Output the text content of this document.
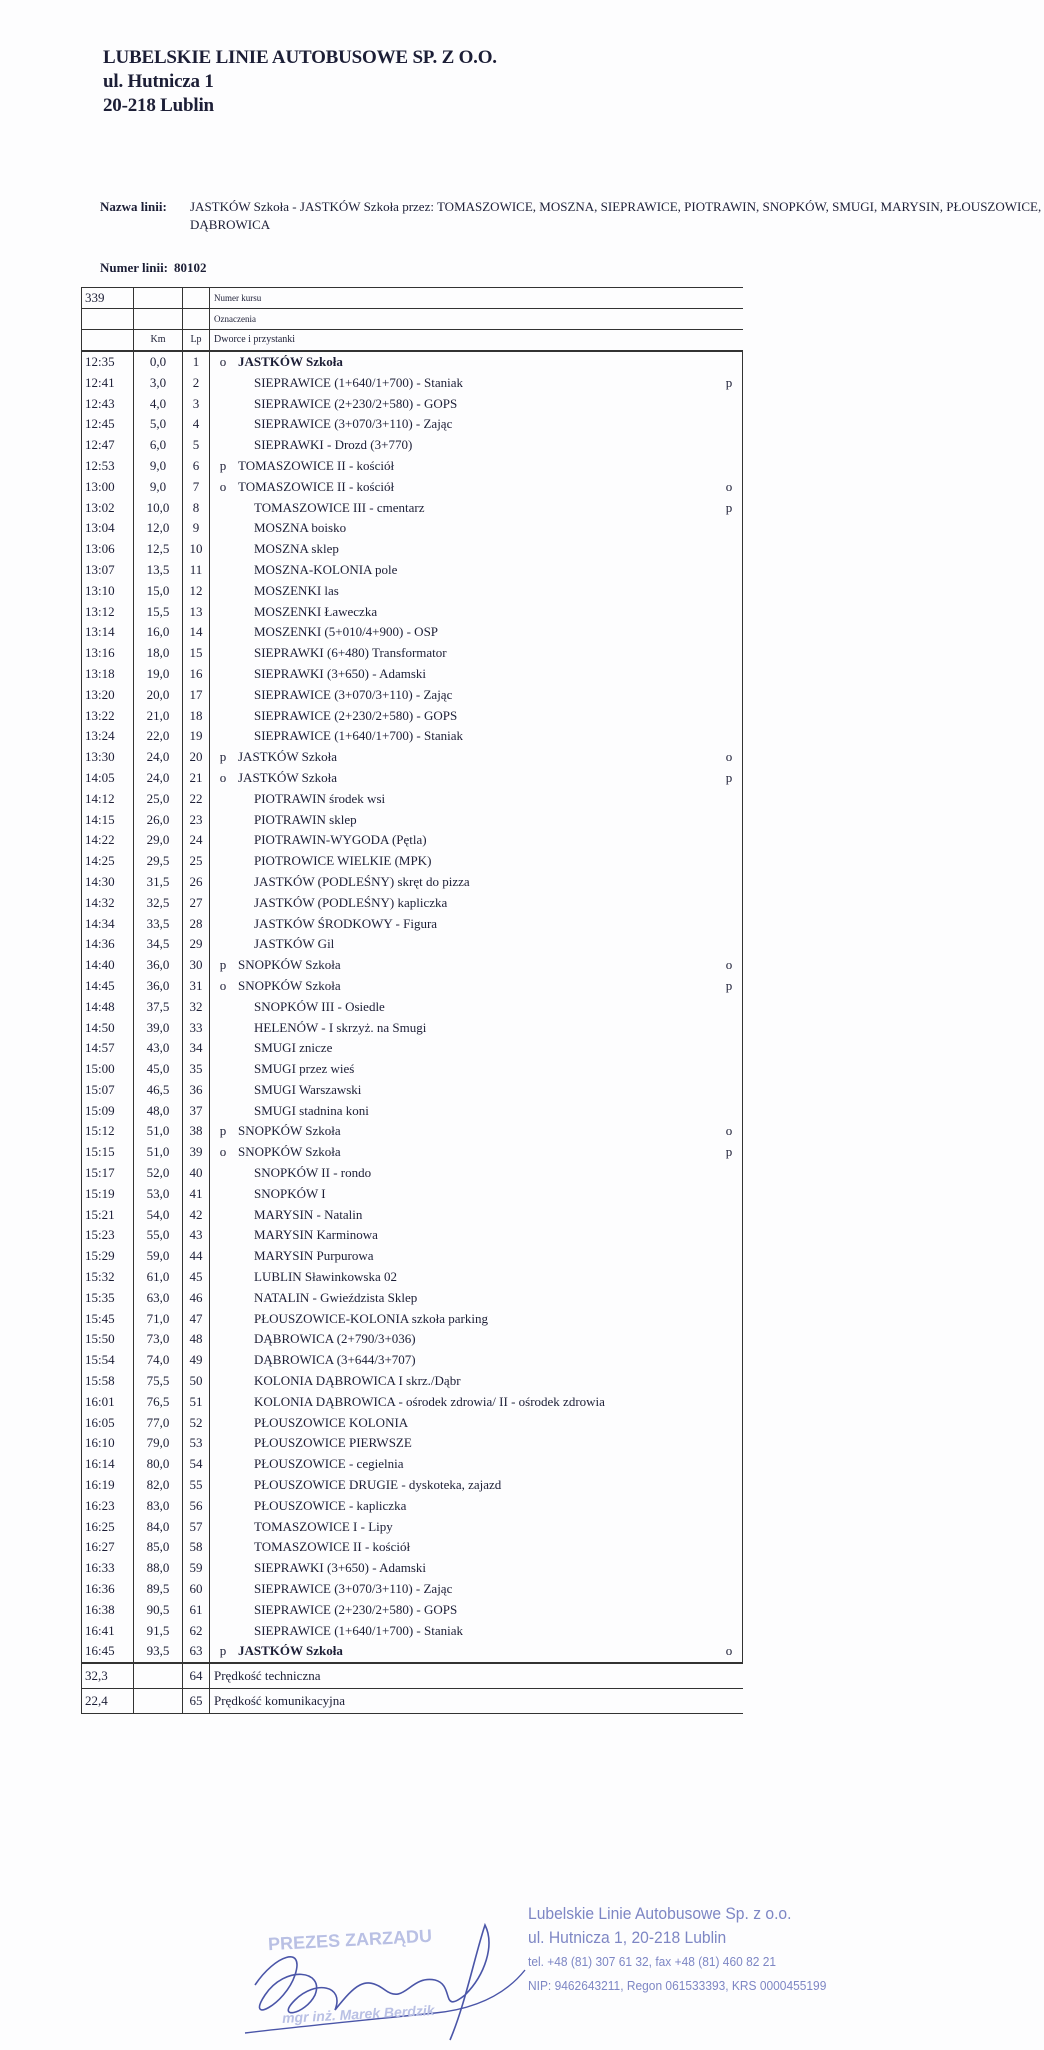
LUBELSKIE LINIE AUTOBUSOWE SP. Z O.O.
ul. Hutnicza 1
20-218 Lublin
Nazwa linii: JASTKÓW Szkoła - JASTKÓW Szkoła przez: TOMASZOWICE, MOSZNA, SIEPRAWICE, PIOTRAWIN, SNOPKÓW, SMUGI, MARYSIN, PŁOUSZOWICE, DĄBROWICA
Numer linii: 80102
339			Numer kursu	
			Oznaczenia	
	Km	Lp	Dworce i przystanki	
12:35	0,0	1	o JASTKÓW Szkoła	
12:41	3,0	2	SIEPRAWICE (1+640/1+700) - Staniak	p
12:43	4,0	3	SIEPRAWICE (2+230/2+580) - GOPS	
12:45	5,0	4	SIEPRAWICE (3+070/3+110) - Zając	
12:47	6,0	5	SIEPRAWKI - Drozd (3+770)	
12:53	9,0	6	p TOMASZOWICE II - kościół	
13:00	9,0	7	o TOMASZOWICE II - kościół	o
13:02	10,0	8	TOMASZOWICE III - cmentarz	p
13:04	12,0	9	MOSZNA boisko	
13:06	12,5	10	MOSZNA sklep	
13:07	13,5	11	MOSZNA-KOLONIA pole	
13:10	15,0	12	MOSZENKI las	
13:12	15,5	13	MOSZENKI Ławeczka	
13:14	16,0	14	MOSZENKI (5+010/4+900) - OSP	
13:16	18,0	15	SIEPRAWKI (6+480) Transformator	
13:18	19,0	16	SIEPRAWKI (3+650) - Adamski	
13:20	20,0	17	SIEPRAWICE (3+070/3+110) - Zając	
13:22	21,0	18	SIEPRAWICE (2+230/2+580) - GOPS	
13:24	22,0	19	SIEPRAWICE (1+640/1+700) - Staniak	
13:30	24,0	20	p JASTKÓW Szkoła	o
14:05	24,0	21	o JASTKÓW Szkoła	p
14:12	25,0	22	PIOTRAWIN środek wsi	
14:15	26,0	23	PIOTRAWIN sklep	
14:22	29,0	24	PIOTRAWIN-WYGODA (Pętla)	
14:25	29,5	25	PIOTROWICE WIELKIE (MPK)	
14:30	31,5	26	JASTKÓW (PODLEŚNY) skręt do pizza	
14:32	32,5	27	JASTKÓW (PODLEŚNY) kapliczka	
14:34	33,5	28	JASTKÓW ŚRODKOWY - Figura	
14:36	34,5	29	JASTKÓW Gil	
14:40	36,0	30	p SNOPKÓW Szkoła	o
14:45	36,0	31	o SNOPKÓW Szkoła	p
14:48	37,5	32	SNOPKÓW III - Osiedle	
14:50	39,0	33	HELENÓW - I skrzyż. na Smugi	
14:57	43,0	34	SMUGI znicze	
15:00	45,0	35	SMUGI przez wieś	
15:07	46,5	36	SMUGI Warszawski	
15:09	48,0	37	SMUGI stadnina koni	
15:12	51,0	38	p SNOPKÓW Szkoła	o
15:15	51,0	39	o SNOPKÓW Szkoła	p
15:17	52,0	40	SNOPKÓW II - rondo	
15:19	53,0	41	SNOPKÓW I	
15:21	54,0	42	MARYSIN - Natalin	
15:23	55,0	43	MARYSIN Karminowa	
15:29	59,0	44	MARYSIN Purpurowa	
15:32	61,0	45	LUBLIN Sławinkowska 02	
15:35	63,0	46	NATALIN - Gwieździsta Sklep	
15:45	71,0	47	PŁOUSZOWICE-KOLONIA szkoła parking	
15:50	73,0	48	DĄBROWICA (2+790/3+036)	
15:54	74,0	49	DĄBROWICA (3+644/3+707)	
15:58	75,5	50	KOLONIA DĄBROWICA I skrz./Dąbr	
16:01	76,5	51	KOLONIA DĄBROWICA - ośrodek zdrowia/ II - ośrodek zdrowia	
16:05	77,0	52	PŁOUSZOWICE KOLONIA	
16:10	79,0	53	PŁOUSZOWICE PIERWSZE	
16:14	80,0	54	PŁOUSZOWICE - cegielnia	
16:19	82,0	55	PŁOUSZOWICE DRUGIE - dyskoteka, zajazd	
16:23	83,0	56	PŁOUSZOWICE - kapliczka	
16:25	84,0	57	TOMASZOWICE I - Lipy	
16:27	85,0	58	TOMASZOWICE II - kościół	
16:33	88,0	59	SIEPRAWKI (3+650) - Adamski	
16:36	89,5	60	SIEPRAWICE (3+070/3+110) - Zając	
16:38	90,5	61	SIEPRAWICE (2+230/2+580) - GOPS	
16:41	91,5	62	SIEPRAWICE (1+640/1+700) - Staniak	
16:45	93,5	63	p JASTKÓW Szkoła	o
32,3		64	Prędkość techniczna	
22,4		65	Prędkość komunikacyjna	
PREZES ZARZĄDU
mgr inż. Marek Berdzik
Lubelskie Linie Autobusowe Sp. z o.o.
ul. Hutnicza 1, 20-218 Lublin
tel. +48 (81) 307 61 32, fax +48 (81) 460 82 21
NIP: 9462643211, Regon 061533393, KRS 0000455199
